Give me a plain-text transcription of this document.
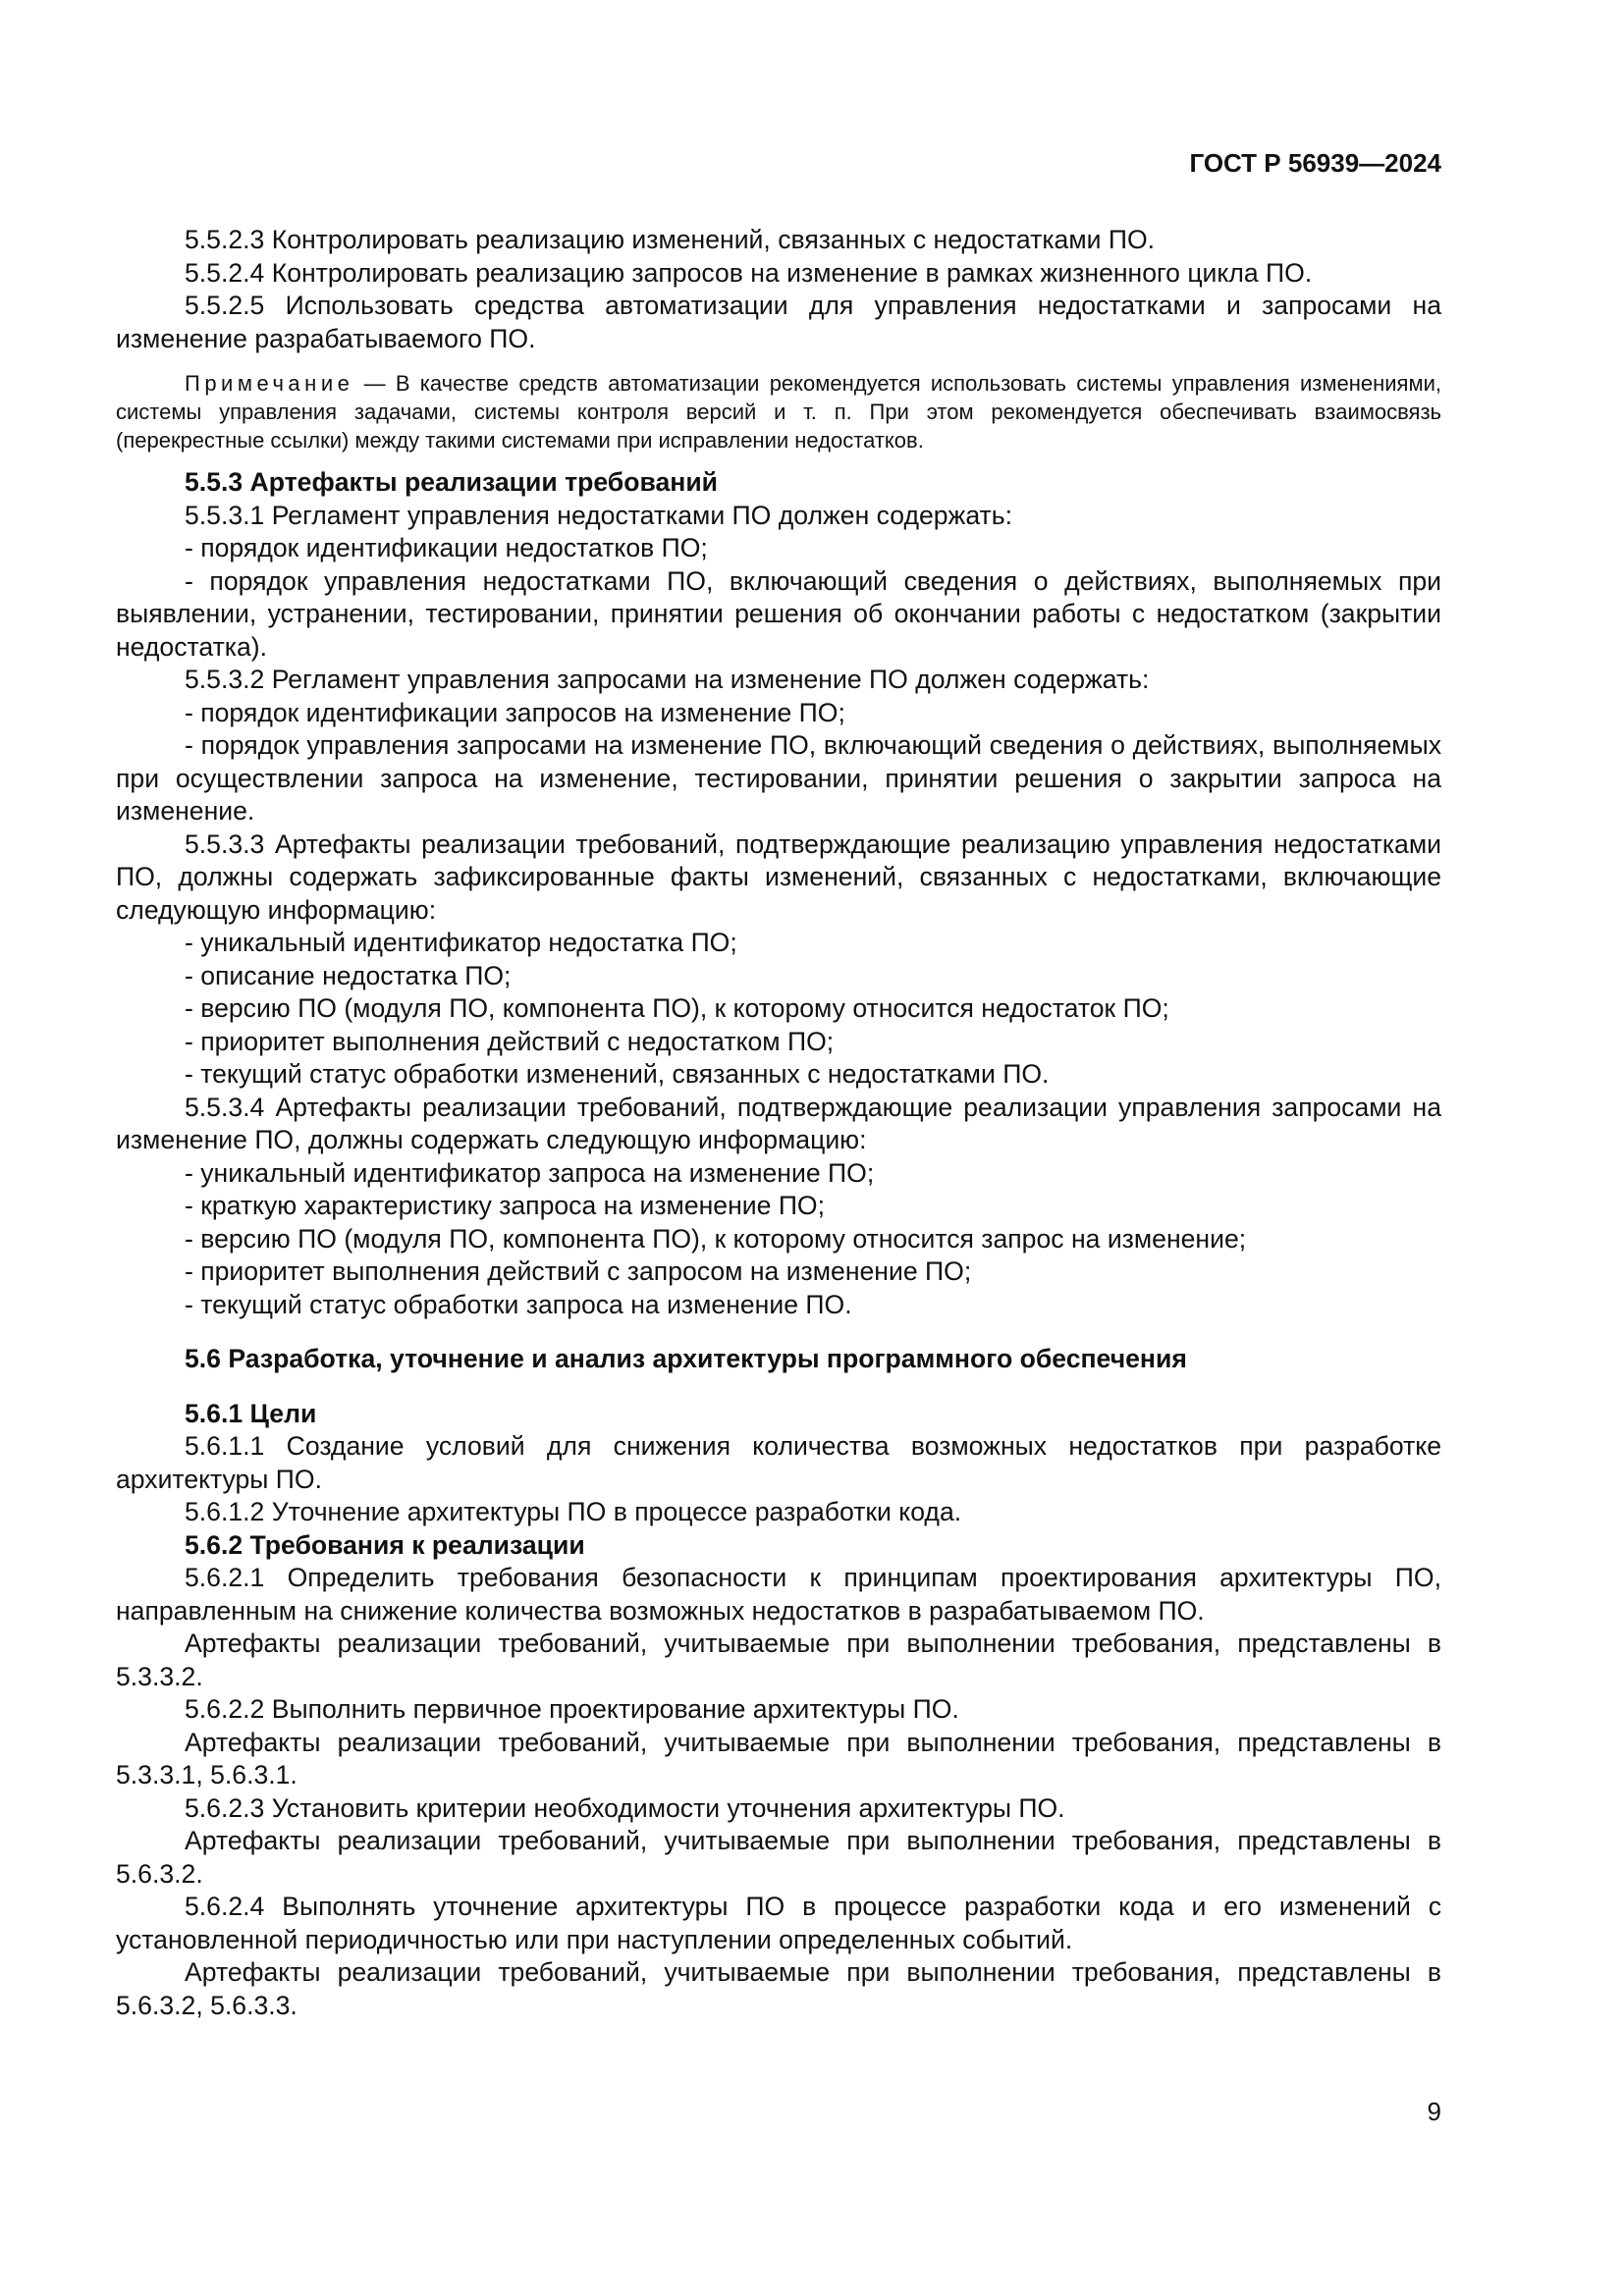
ГОСТ Р 56939—2024

5.5.2.3 Контролировать реализацию изменений, связанных с недостатками ПО.

5.5.2.4 Контролировать реализацию запросов на изменение в рамках жизненного цикла ПО.

5.5.2.5 Использовать средства автоматизации для управления недостатками и запросами на изменение разрабатываемого ПО.

Примечание — В качестве средств автоматизации рекомендуется использовать системы управления изменениями, системы управления задачами, системы контроля версий и т. п. При этом рекомендуется обеспечивать взаимосвязь (перекрестные ссылки) между такими системами при исправлении недостатков.

5.5.3 Артефакты реализации требований

5.5.3.1 Регламент управления недостатками ПО должен содержать:

- порядок идентификации недостатков ПО;

- порядок управления недостатками ПО, включающий сведения о действиях, выполняемых при выявлении, устранении, тестировании, принятии решения об окончании работы с недостатком (закрытии недостатка).

5.5.3.2 Регламент управления запросами на изменение ПО должен содержать:

- порядок идентификации запросов на изменение ПО;

- порядок управления запросами на изменение ПО, включающий сведения о действиях, выполняемых при осуществлении запроса на изменение, тестировании, принятии решения о закрытии запроса на изменение.

5.5.3.3 Артефакты реализации требований, подтверждающие реализацию управления недостатками ПО, должны содержать зафиксированные факты изменений, связанных с недостатками, включающие следующую информацию:

- уникальный идентификатор недостатка ПО;

- описание недостатка ПО;

- версию ПО (модуля ПО, компонента ПО), к которому относится недостаток ПО;

- приоритет выполнения действий с недостатком ПО;

- текущий статус обработки изменений, связанных с недостатками ПО.

5.5.3.4 Артефакты реализации требований, подтверждающие реализации управления запросами на изменение ПО, должны содержать следующую информацию:

- уникальный идентификатор запроса на изменение ПО;

- краткую характеристику запроса на изменение ПО;

- версию ПО (модуля ПО, компонента ПО), к которому относится запрос на изменение;

- приоритет выполнения действий с запросом на изменение ПО;

- текущий статус обработки запроса на изменение ПО.

5.6 Разработка, уточнение и анализ архитектуры программного обеспечения

5.6.1 Цели

5.6.1.1 Создание условий для снижения количества возможных недостатков при разработке архитектуры ПО.

5.6.1.2 Уточнение архитектуры ПО в процессе разработки кода.

5.6.2 Требования к реализации

5.6.2.1 Определить требования безопасности к принципам проектирования архитектуры ПО, направленным на снижение количества возможных недостатков в разрабатываемом ПО.

Артефакты реализации требований, учитываемые при выполнении требования, представлены в 5.3.3.2.

5.6.2.2 Выполнить первичное проектирование архитектуры ПО.

Артефакты реализации требований, учитываемые при выполнении требования, представлены в 5.3.3.1, 5.6.3.1.

5.6.2.3 Установить критерии необходимости уточнения архитектуры ПО.

Артефакты реализации требований, учитываемые при выполнении требования, представлены в 5.6.3.2.

5.6.2.4 Выполнять уточнение архитектуры ПО в процессе разработки кода и его изменений с установленной периодичностью или при наступлении определенных событий.

Артефакты реализации требований, учитываемые при выполнении требования, представлены в 5.6.3.2, 5.6.3.3.

9
